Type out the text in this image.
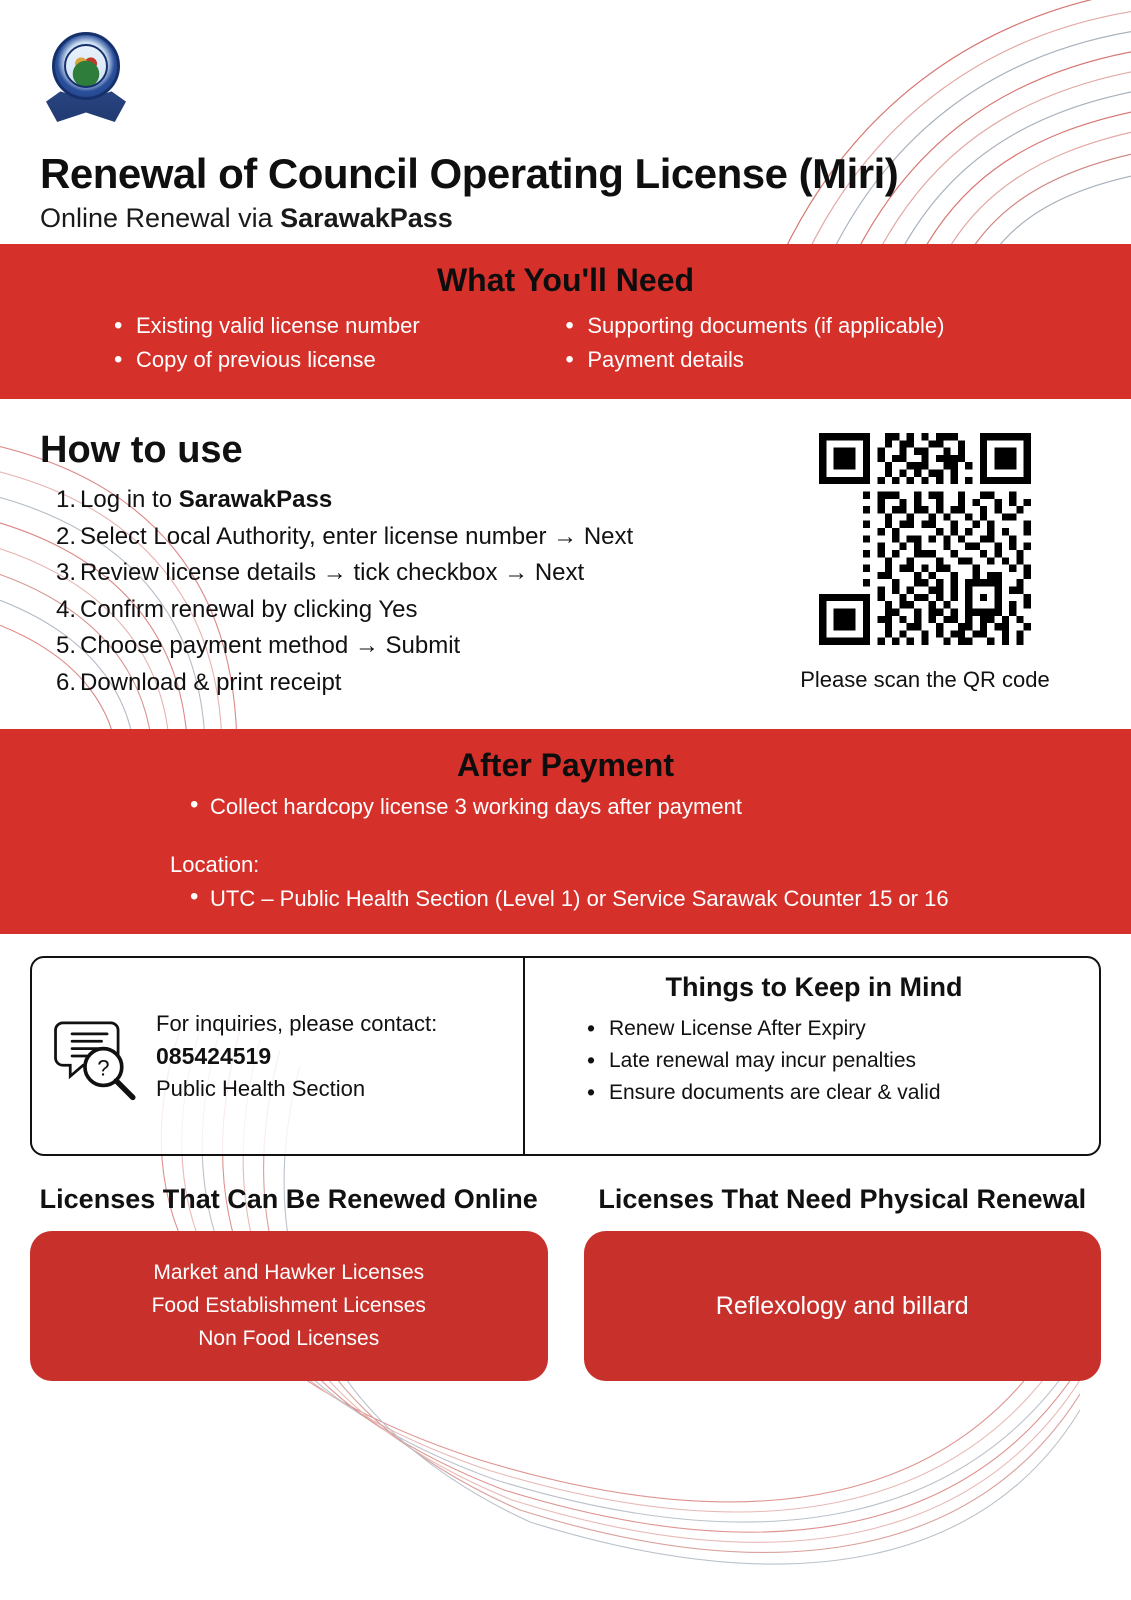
Renewal of Council Operating License (Miri)
Online Renewal via SarawakPass
What You'll Need
• Existing valid license number
• Copy of previous license
• Supporting documents (if applicable)
• Payment details
How to use
Log in to SarawakPass
Select Local Authority, enter license number → Next
Review license details → tick checkbox → Next
Confirm renewal by clicking Yes
Choose payment method → Submit
Download & print receipt	Please scan the QR code
After Payment
• Collect hardcopy license 3 working days after payment
Location:
• UTC – Public Health Section (Level 1) or Service Sarawak Counter 15 or 16
?
For inquiries, please contact:
085424519
Public Health Section
Things to Keep in Mind
• Renew License After Expiry
• Late renewal may incur penalties
• Ensure documents are clear & valid
Licenses That Can Be Renewed Online
Market and Hawker Licenses
Food Establishment Licenses
Non Food Licenses
Licenses That Need Physical Renewal
Reflexology and billard
